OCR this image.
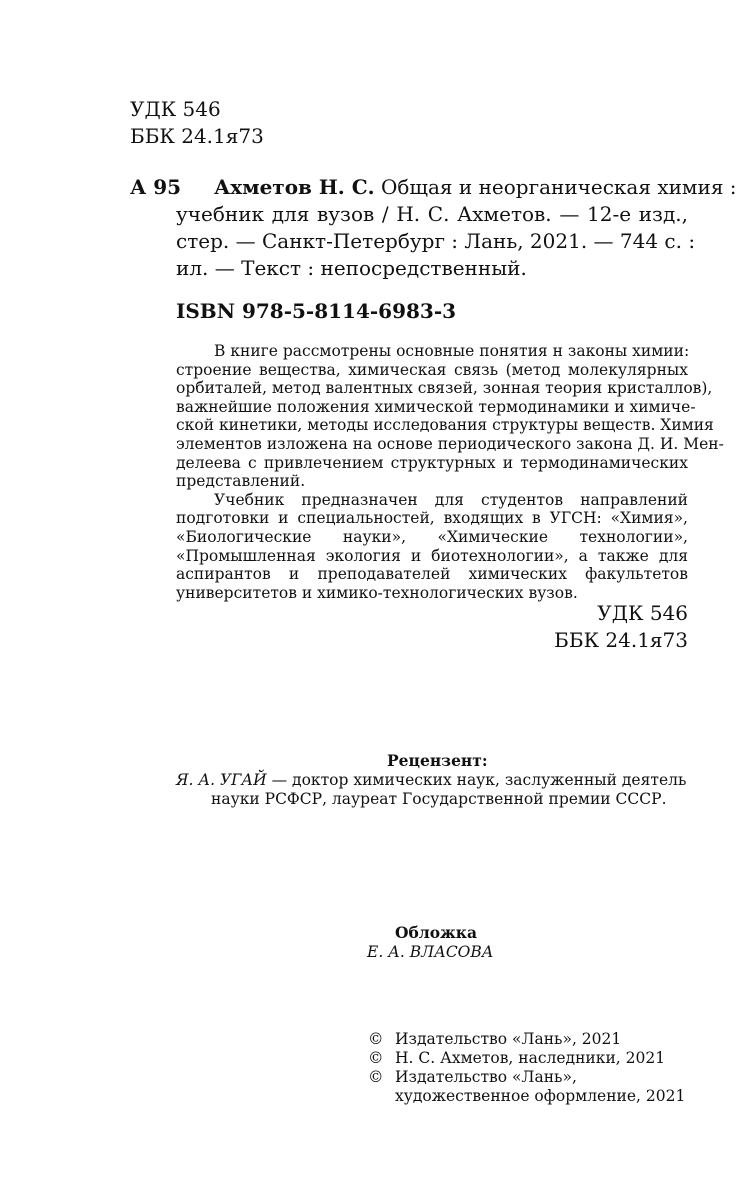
УДК 546
ББК 24.1я73
А 95	Ахметов Н. С. Общая и неорганическая химия :
учебник для вузов / Н. С. Ахметов. — 12-е изд.,
стер. — Санкт-Петербург : Лань, 2021. — 744 с. :
ил. — Текст : непосредственный.
ISBN 978-5-8114-6983-3
В книге рассмотрены основные понятия н законы химии:
строение вещества, химическая связь (метод молекулярных
орбиталей, метод валентных связей, зонная теория кристаллов),
важнейшие положения химической термодинамики и химиче-
ской кинетики, методы исследования структуры веществ. Химия
элементов изложена на основе периодического закона Д. И. Мен-
делеева с привлечением структурных и термодинамических
представлений.
Учебник предназначен для студентов направлений
подготовки и специальностей, входящих в УГСН: «Химия»,
«Биологические науки», «Химические технологии»,
«Промышленная экология и биотехнологии», а также для
аспирантов и преподавателей химических факультетов
университетов и химико-технологических вузов.
УДК 546
ББК 24.1я73
Рецензент:
Я. А. УГАЙ — доктор химических наук, заслуженный деятель
науки РСФСР, лауреат Государственной премии СССР.
Обложка
Е. А. ВЛАСОВА
© Издательство «Лань», 2021
© Н. С. Ахметов, наследники, 2021
© Издательство «Лань»,
художественное оформление, 2021
